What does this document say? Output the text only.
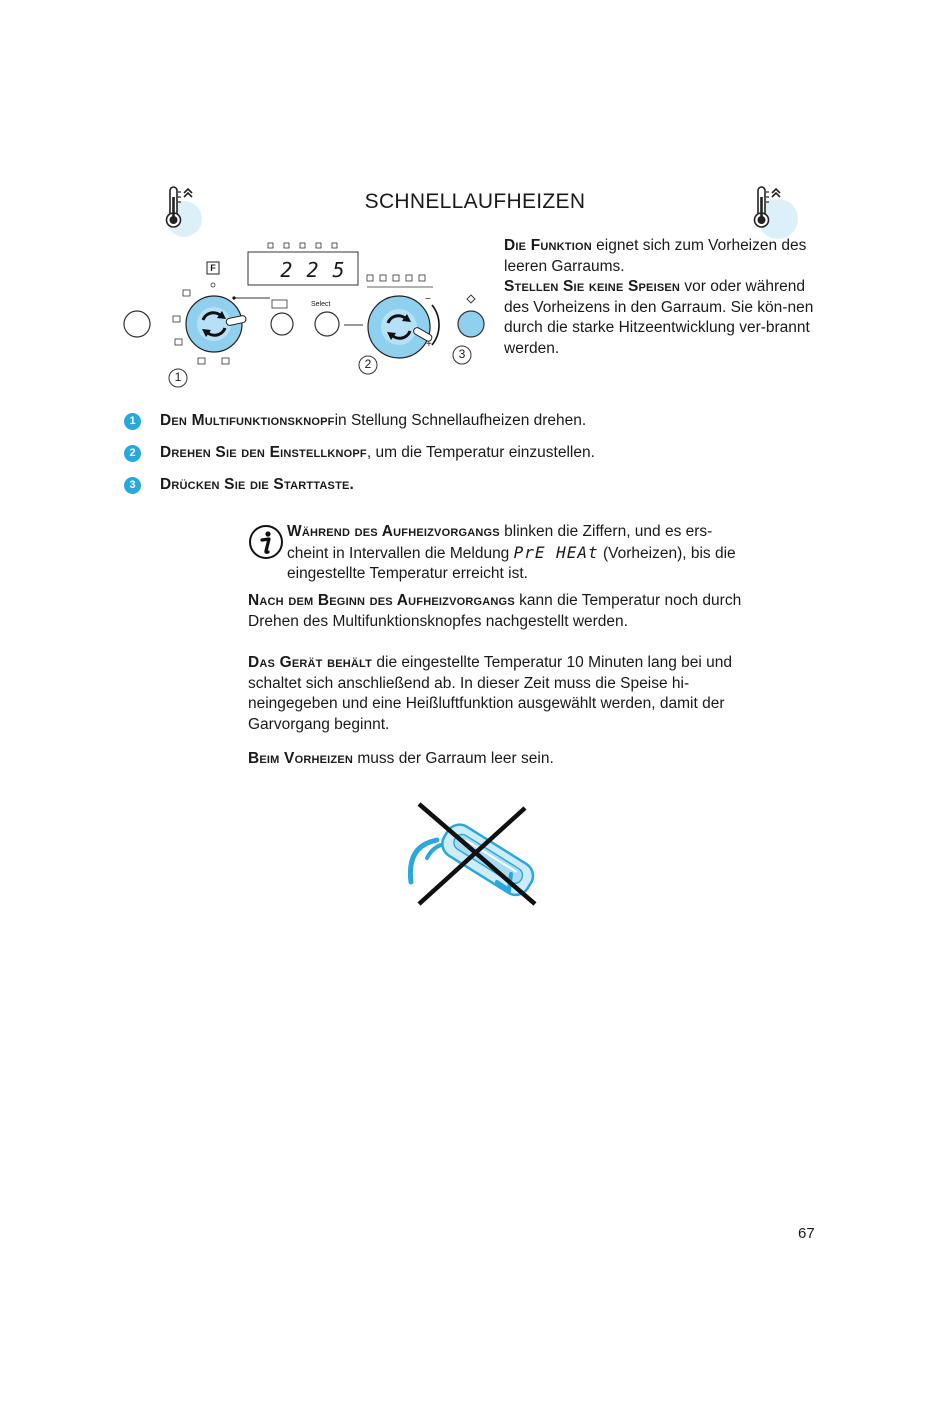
SCHNELLAUFHEIZEN
F	2 2 5
Select	−
+
1
2
3
Die Funktion eignet sich zum Vorheizen des leeren Garraums.
Stellen Sie keine Speisen vor oder während des Vorheizens in den Garraum. Sie kön-nen durch die starke Hitzeentwicklung ver-brannt werden.
1	Den Multifunktionsknopf in Stellung Schnellaufheizen drehen.
2	Drehen Sie den Einstellknopf , um die Temperatur einzustellen.
3	Drücken Sie die Starttaste.
Während des Aufheizvorgangs blinken die Ziffern, und es ers-cheint in Intervallen die Meldung PrE HEAt (Vorheizen), bis die eingestellte Temperatur erreicht ist.
Nach dem Beginn des Aufheizvorgangs kann die Temperatur noch durch Drehen des Multifunktionsknopfes nachgestellt werden.
Das Gerät behält die eingestellte Temperatur 10 Minuten lang bei und schaltet sich anschließend ab. In dieser Zeit muss die Speise hi-neingegeben und eine Heißluftfunktion ausgewählt werden, damit der Garvorgang beginnt.
Beim Vorheizen muss der Garraum leer sein.
67
